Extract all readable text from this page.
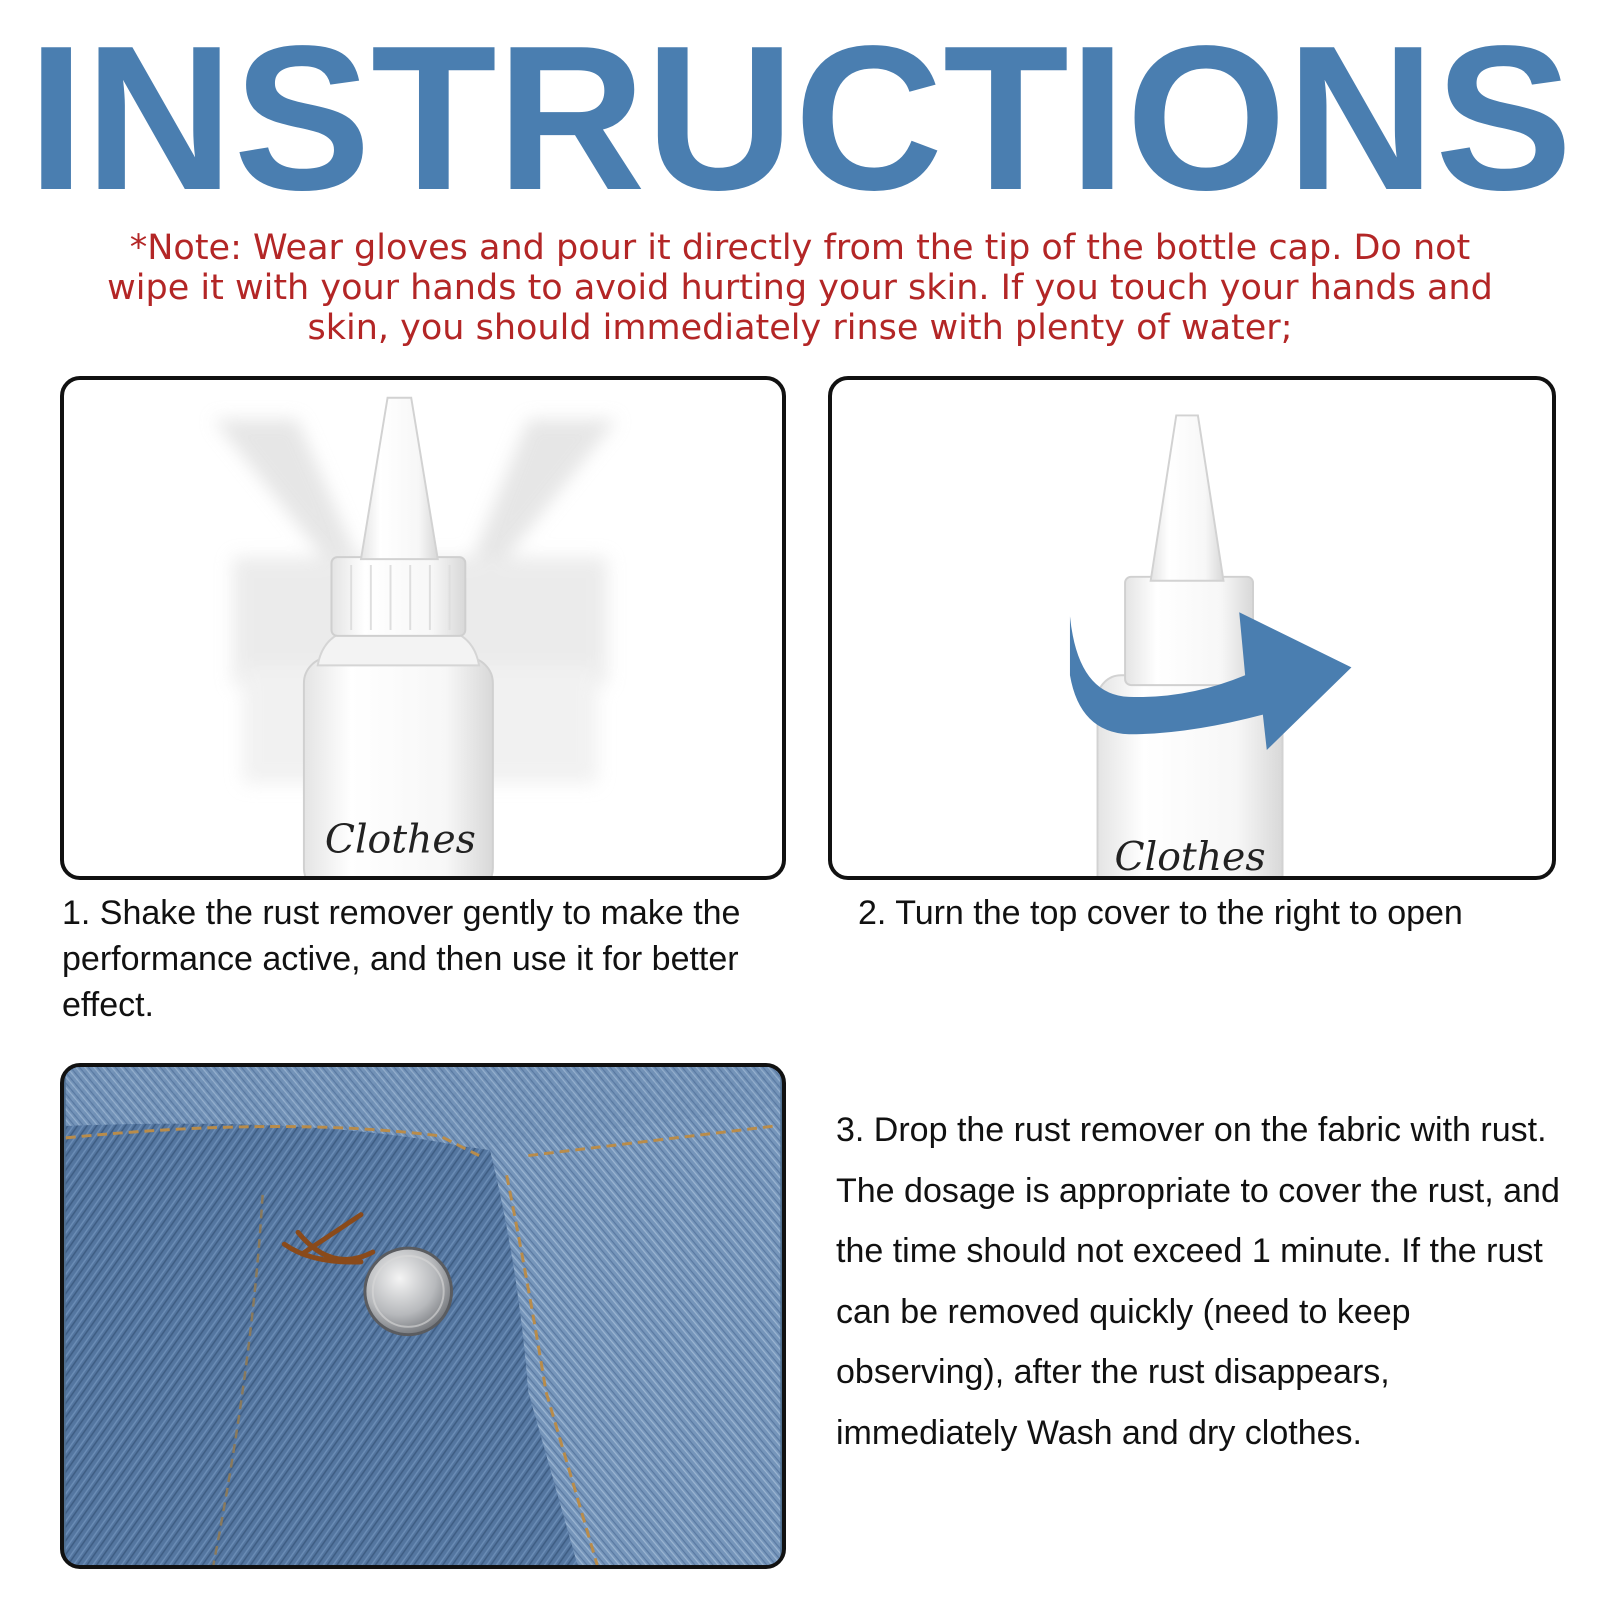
INSTRUCTIONS
*Note: Wear gloves and pour it directly from the tip of the bottle cap. Do not wipe it with your hands to avoid hurting your skin. If you touch your hands and skin, you should immediately rinse with plenty of water;
Clothes	Clothes
1. Shake the rust remover gently to make the performance active, and then use it for better effect.
2. Turn the top cover to the right to open
3. Drop the rust remover on the fabric with rust. The dosage is appropriate to cover the rust, and the time should not exceed 1 minute. If the rust can be removed quickly (need to keep observing), after the rust disappears, immediately Wash and dry clothes.
